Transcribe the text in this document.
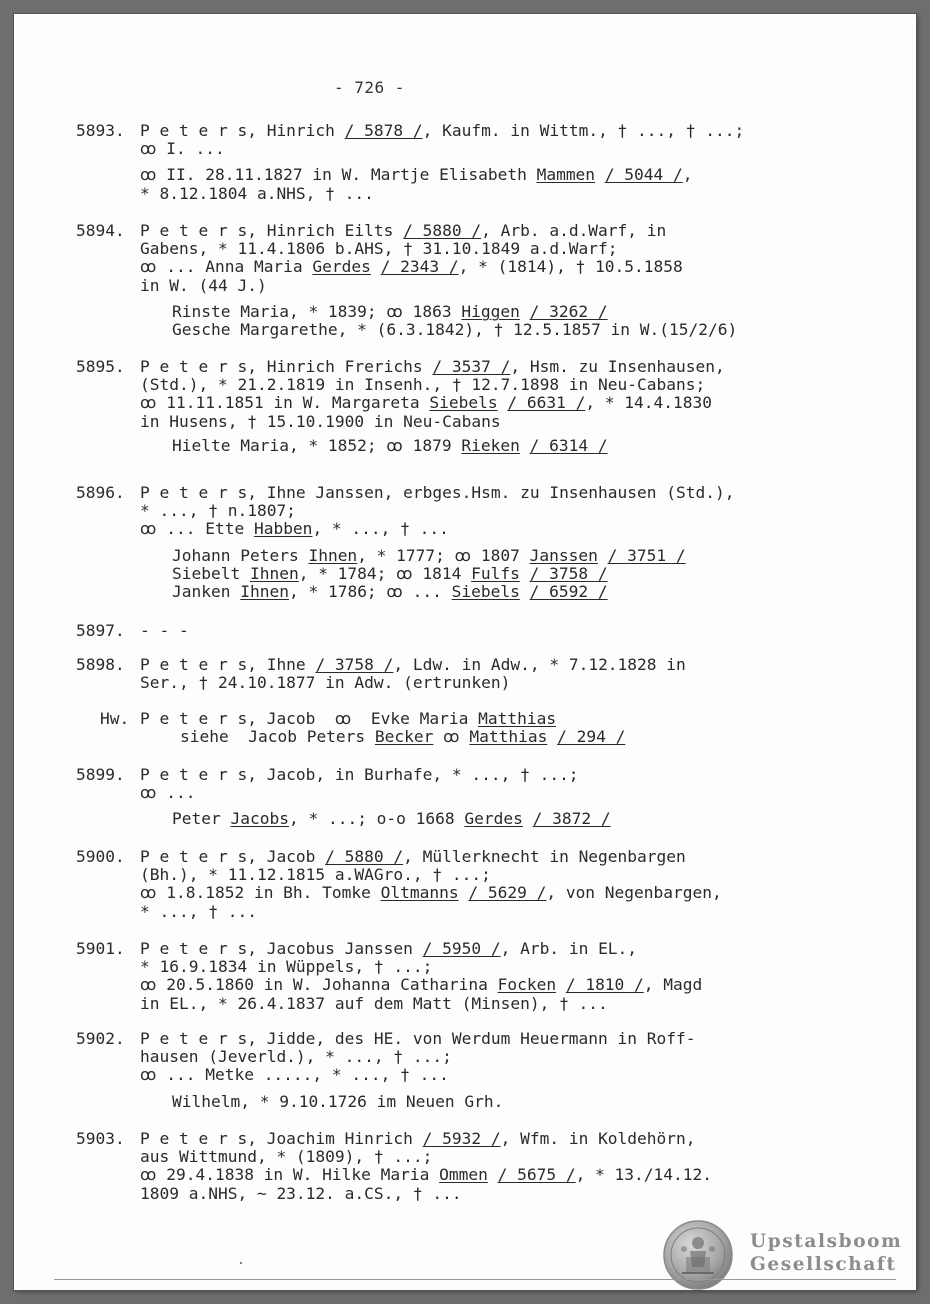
- 726 -
5893. P e t e r s, Hinrich / 5878 /, Kaufm. in Wittm., † ..., † ...;
ꝏ I. ...
ꝏ II. 28.11.1827 in W. Martje Elisabeth Mammen / 5044 /,
* 8.12.1804 a.NHS, † ...
5894. P e t e r s, Hinrich Eilts / 5880 /, Arb. a.d.Warf, in
Gabens, * 11.4.1806 b.AHS, † 31.10.1849 a.d.Warf;
ꝏ ... Anna Maria Gerdes / 2343 /, * (1814), † 10.5.1858
in W. (44 J.)
Rinste Maria, * 1839; ꝏ 1863 Higgen / 3262 /
Gesche Margarethe, * (6.3.1842), † 12.5.1857 in W.(15/2/6)
5895. P e t e r s, Hinrich Frerichs / 3537 /, Hsm. zu Insenhausen,
(Std.), * 21.2.1819 in Insenh., † 12.7.1898 in Neu-Cabans;
ꝏ 11.11.1851 in W. Margareta Siebels / 6631 /, * 14.4.1830
in Husens, † 15.10.1900 in Neu-Cabans
Hielte Maria, * 1852; ꝏ 1879 Rieken / 6314 /
5896. P e t e r s, Ihne Janssen, erbges.Hsm. zu Insenhausen (Std.),
* ..., † n.1807;
ꝏ ... Ette Habben, * ..., † ...
Johann Peters Ihnen, * 1777; ꝏ 1807 Janssen / 3751 /
Siebelt Ihnen, * 1784; ꝏ 1814 Fulfs / 3758 /
Janken Ihnen, * 1786; ꝏ ... Siebels / 6592 /
5897. - - -
5898. P e t e r s, Ihne / 3758 /, Ldw. in Adw., * 7.12.1828 in
Ser., † 24.10.1877 in Adw. (ertrunken)
Hw. P e t e r s, Jacob  ꝏ  Evke Maria Matthias
siehe  Jacob Peters Becker ꝏ Matthias / 294 /
5899. P e t e r s, Jacob, in Burhafe, * ..., † ...;
ꝏ ...
Peter Jacobs, * ...; o-o 1668 Gerdes / 3872 /
5900. P e t e r s, Jacob / 5880 /, Müllerknecht in Negenbargen
(Bh.), * 11.12.1815 a.WAGro., † ...;
ꝏ 1.8.1852 in Bh. Tomke Oltmanns / 5629 /, von Negenbargen,
* ..., † ...
5901. P e t e r s, Jacobus Janssen / 5950 /, Arb. in EL.,
* 16.9.1834 in Wüppels, † ...;
ꝏ 20.5.1860 in W. Johanna Catharina Focken / 1810 /, Magd
in EL., * 26.4.1837 auf dem Matt (Minsen), † ...
5902. P e t e r s, Jidde, des HE. von Werdum Heuermann in Roff-
hausen (Jeverld.), * ..., † ...;
ꝏ ... Metke ....., * ..., † ...
Wilhelm, * 9.10.1726 im Neuen Grh.
5903. P e t e r s, Joachim Hinrich / 5932 /, Wfm. in Koldehörn,
aus Wittmund, * (1809), † ...;
ꝏ 29.4.1838 in W. Hilke Maria Ommen / 5675 /, * 13./14.12.
1809 a.NHS, ~ 23.12. a.CS., † ...
Upstalsboom
Gesellschaft
